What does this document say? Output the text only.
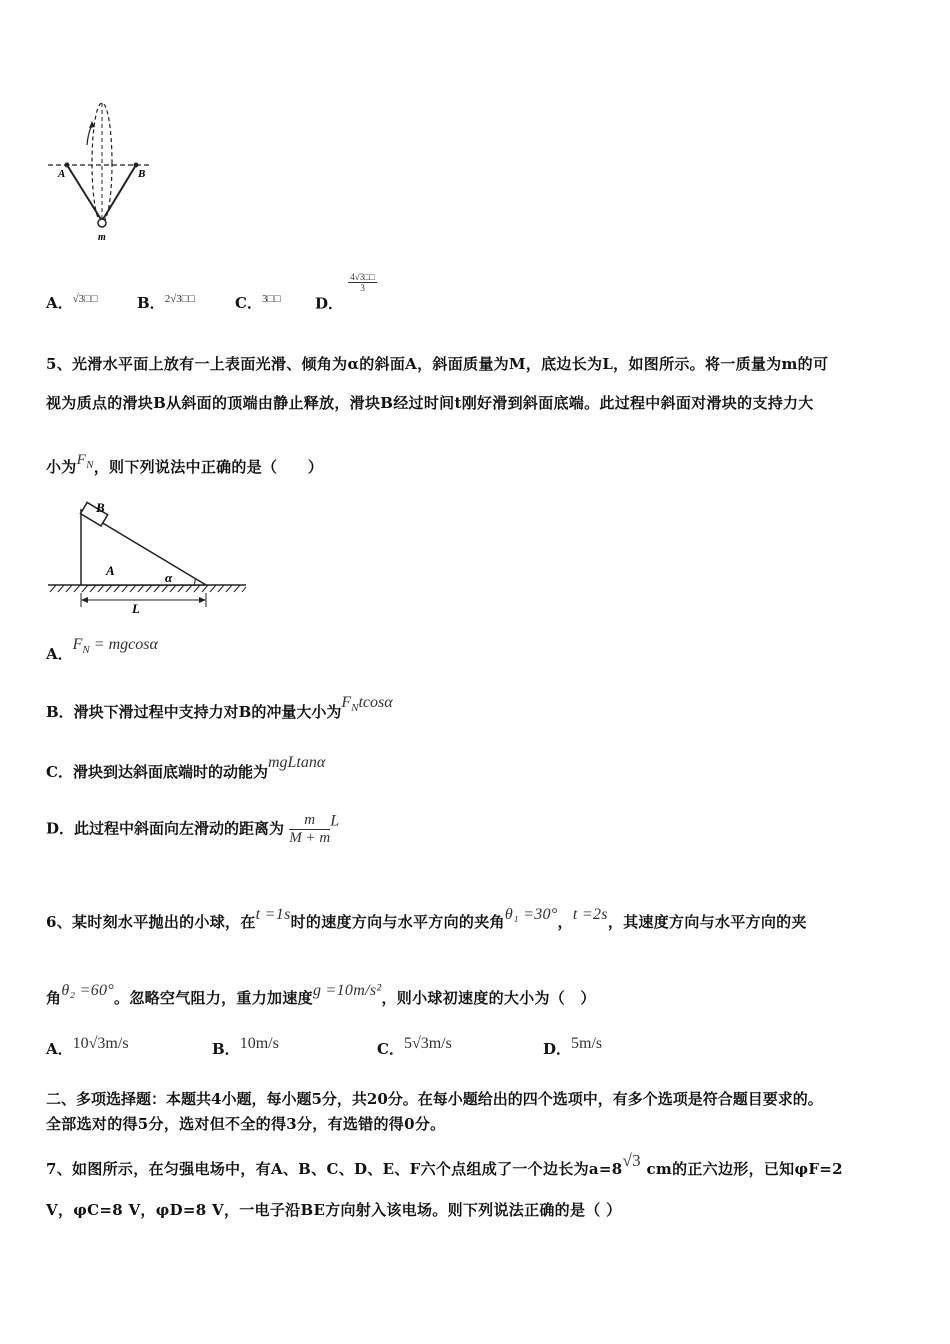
A	B
m
A．$^{√3□□}$	B．$^{2√3□□}$	C．$^{3□□}$ D．
$\frac{4√3□□}{3}$
5、光滑水平面上放有一上表面光滑、倾角为α的斜面A，斜面质量为M，底边长为L，如图所示。将一质量为m的可
视为质点的滑块B从斜面的顶端由静止释放，滑块B经过时间t刚好滑到斜面底端。此过程中斜面对滑块的支持力大
小为$F_N$，则下列说法中正确的是（　　）
B
A	α
L
A．$F_N = mgcos\alpha$
B．滑块下滑过程中支持力对B的冲量大小为$F_Ntcos\alpha$
C．滑块到达斜面底端时的动能为mgLtanα
D．此过程中斜面向左滑动的距离为 $\frac{m}{M + m}$ L
6、某时刻水平抛出的小球，在t =1s时的速度方向与水平方向的夹角θ₁ =30°，t =2s，其速度方向与水平方向的夹
角θ₂ =60°。忽略空气阻力，重力加速度g =10m/s²，则小球初速度的大小为（　）
A．10√3m/s	B．10m/s	C．5√3m/s	D．5m/s
二、多项选择题：本题共4小题，每小题5分，共20分。在每小题给出的四个选项中，有多个选项是符合题目要求的。
全部选对的得5分，选对但不全的得3分，有选错的得0分。
7、如图所示，在匀强电场中，有A、B、C、D、E、F六个点组成了一个边长为a=8√3 cm的正六边形，已知φF=2
V，φC=8 V，φD=8 V，一电子沿BE方向射入该电场。则下列说法正确的是（ ）
